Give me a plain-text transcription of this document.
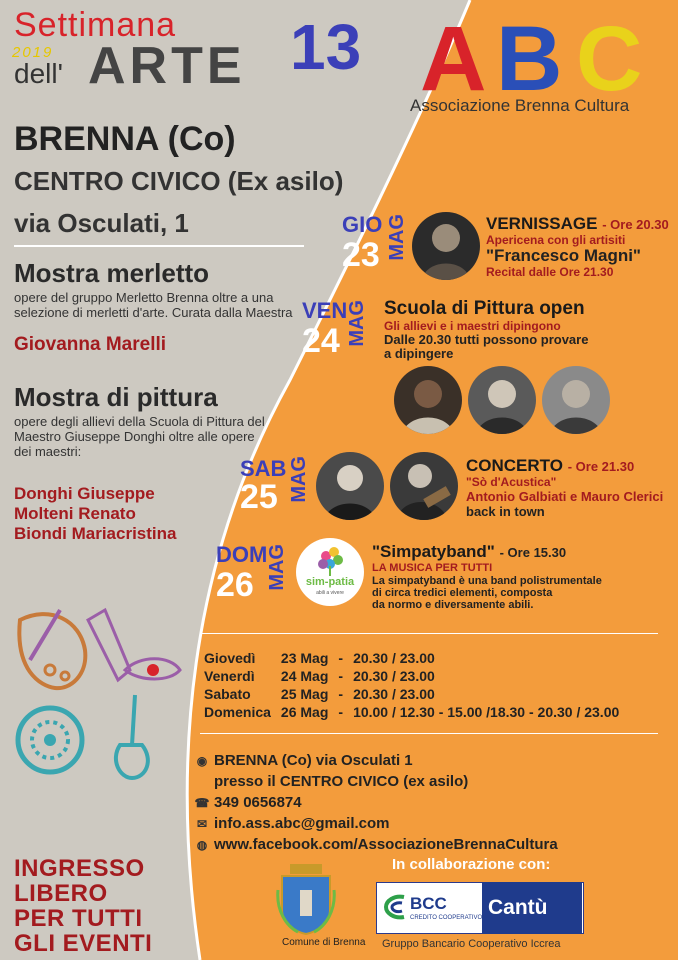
Settimana
2019
dell' ARTE 13 A B C
Associazione Brenna Cultura
BRENNA (Co)
CENTRO CIVICO (Ex asilo)
via Osculati, 1
Mostra merletto
opere del gruppo Merletto Brenna oltre a una selezione di merletti d'arte. Curata dalla Maestra
Giovanna Marelli
Mostra di pittura
opere degli allievi della Scuola di Pittura del Maestro Giuseppe Donghi oltre alle opere dei maestri:
Donghi Giuseppe
Molteni Renato
Biondi Mariacristina
GIO
23 MAG	VERNISSAGE - Ore 20.30
Apericena con gli artisiti
"Francesco Magni"
Recital dalle Ore 21.30
VEN
24 MAG Scuola di Pittura open
Gli allievi e i maestri dipingono
Dalle 20.30 tutti possono provare
a dipingere
SAB
25 MAG	CONCERTO - Ore 21.30
"Sò d'Acustica"
Antonio Galbiati e Mauro Clerici
back in town
DOM
26 MAG	sim-patia
abili a vivere
"Simpatyband" - Ore 15.30
LA MUSICA PER TUTTI
La simpatyband è una band polistrumentale
di circa tredici elementi, composta
da normo e diversamente abili.
Giovedì	23 Mag	-	20.30 / 23.00
Venerdì	24 Mag	-	20.30 / 23.00
Sabato	25 Mag	-	20.30 / 23.00
Domenica	26 Mag	-	10.00 / 12.30 - 15.00 /18.30 - 20.30 / 23.00
◉ BRENNA (Co) via Osculati 1
presso il CENTRO CIVICO (ex asilo)
☎ 349 0656874
✉ info.ass.abc@gmail.com
◍ www.facebook.com/AssociazioneBrennaCultura
INGRESSO
LIBERO
PER TUTTI
GLI EVENTI
In collaborazione con:
Comune di Brenna
BCC
CREDITO COOPERATIVO Cantù
Gruppo Bancario Cooperativo Iccrea
